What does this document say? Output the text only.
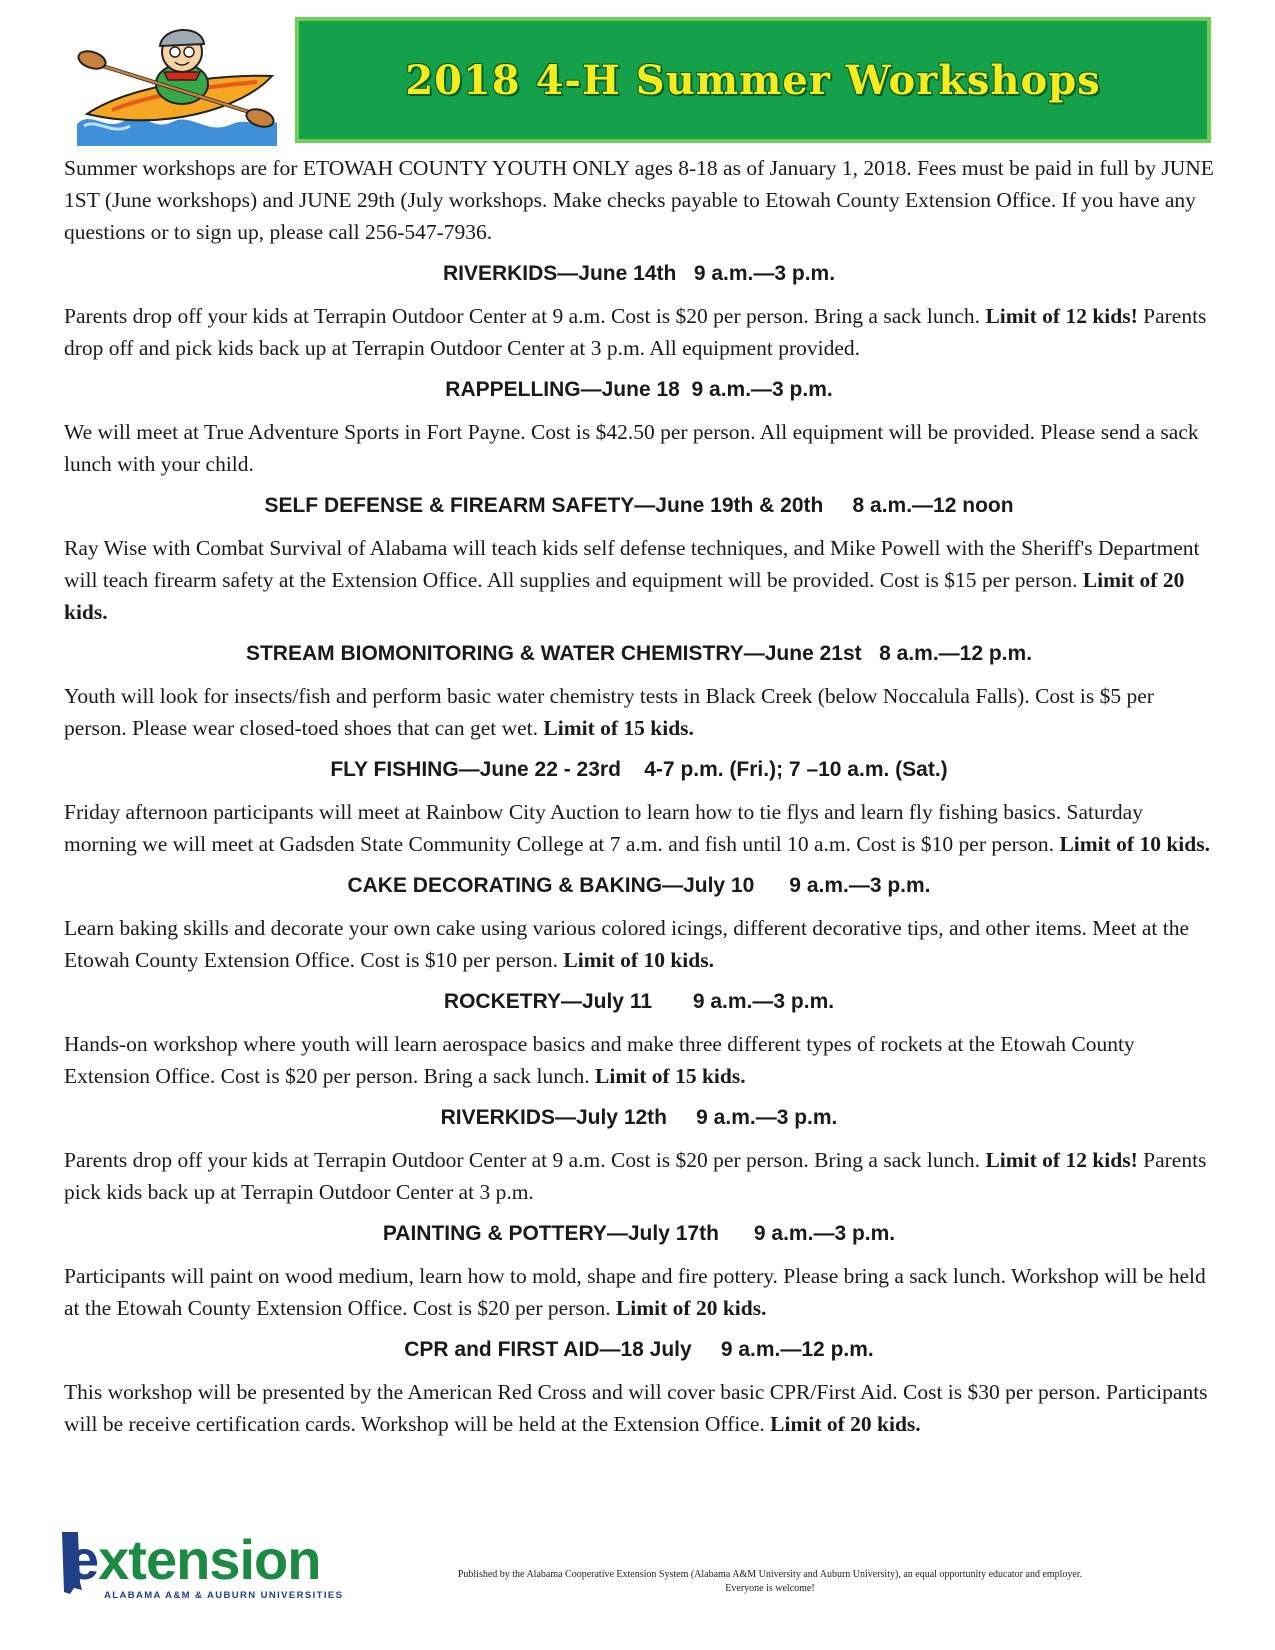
2018 4-H Summer Workshops

Summer workshops are for ETOWAH COUNTY YOUTH ONLY ages 8-18 as of January 1, 2018. Fees must be paid in full by JUNE 1ST (June workshops) and JUNE 29th (July workshops. Make checks payable to Etowah County Extension Office. If you have any questions or to sign up, please call 256-547-7936.

RIVERKIDS—June 14th   9 a.m.—3 p.m.

Parents drop off your kids at Terrapin Outdoor Center at 9 a.m. Cost is $20 per person. Bring a sack lunch. Limit of 12 kids! Parents drop off and pick kids back up at Terrapin Outdoor Center at 3 p.m. All equipment provided.

RAPPELLING—June 18  9 a.m.—3 p.m.

We will meet at True Adventure Sports in Fort Payne. Cost is $42.50 per person. All equipment will be provided. Please send a sack lunch with your child.

SELF DEFENSE & FIREARM SAFETY—June 19th & 20th     8 a.m.—12 noon

Ray Wise with Combat Survival of Alabama will teach kids self defense techniques, and Mike Powell with the Sheriff's Department will teach firearm safety at the Extension Office. All supplies and equipment will be provided. Cost is $15 per person. Limit of 20 kids.

STREAM BIOMONITORING & WATER CHEMISTRY—June 21st   8 a.m.—12 p.m.

Youth will look for insects/fish and perform basic water chemistry tests in Black Creek (below Noccalula Falls). Cost is $5 per person. Please wear closed-toed shoes that can get wet. Limit of 15 kids.

FLY FISHING—June 22 - 23rd    4-7 p.m. (Fri.); 7 –10 a.m. (Sat.)

Friday afternoon participants will meet at Rainbow City Auction to learn how to tie flys and learn fly fishing basics. Saturday morning we will meet at Gadsden State Community College at 7 a.m. and fish until 10 a.m. Cost is $10 per person. Limit of 10 kids.

CAKE DECORATING & BAKING—July 10      9 a.m.—3 p.m.

Learn baking skills and decorate your own cake using various colored icings, different decorative tips, and other items. Meet at the Etowah County Extension Office. Cost is $10 per person. Limit of 10 kids.

ROCKETRY—July 11       9 a.m.—3 p.m.

Hands-on workshop where youth will learn aerospace basics and make three different types of rockets at the Etowah County Extension Office. Cost is $20 per person. Bring a sack lunch. Limit of 15 kids.

RIVERKIDS—July 12th     9 a.m.—3 p.m.

Parents drop off your kids at Terrapin Outdoor Center at 9 a.m. Cost is $20 per person. Bring a sack lunch. Limit of 12 kids! Parents pick kids back up at Terrapin Outdoor Center at 3 p.m.

PAINTING & POTTERY—July 17th      9 a.m.—3 p.m.

Participants will paint on wood medium, learn how to mold, shape and fire pottery. Please bring a sack lunch. Workshop will be held at the Etowah County Extension Office. Cost is $20 per person. Limit of 20 kids.

CPR and FIRST AID—18 July     9 a.m.—12 p.m.

This workshop will be presented by the American Red Cross and will cover basic CPR/First Aid. Cost is $30 per person. Participants will be receive certification cards. Workshop will be held at the Extension Office. Limit of 20 kids.

extension
ALABAMA A&M & AUBURN UNIVERSITIES
Published by the Alabama Cooperative Extension System (Alabama A&M University and Auburn University), an equal opportunity educator and employer.
Everyone is welcome!
